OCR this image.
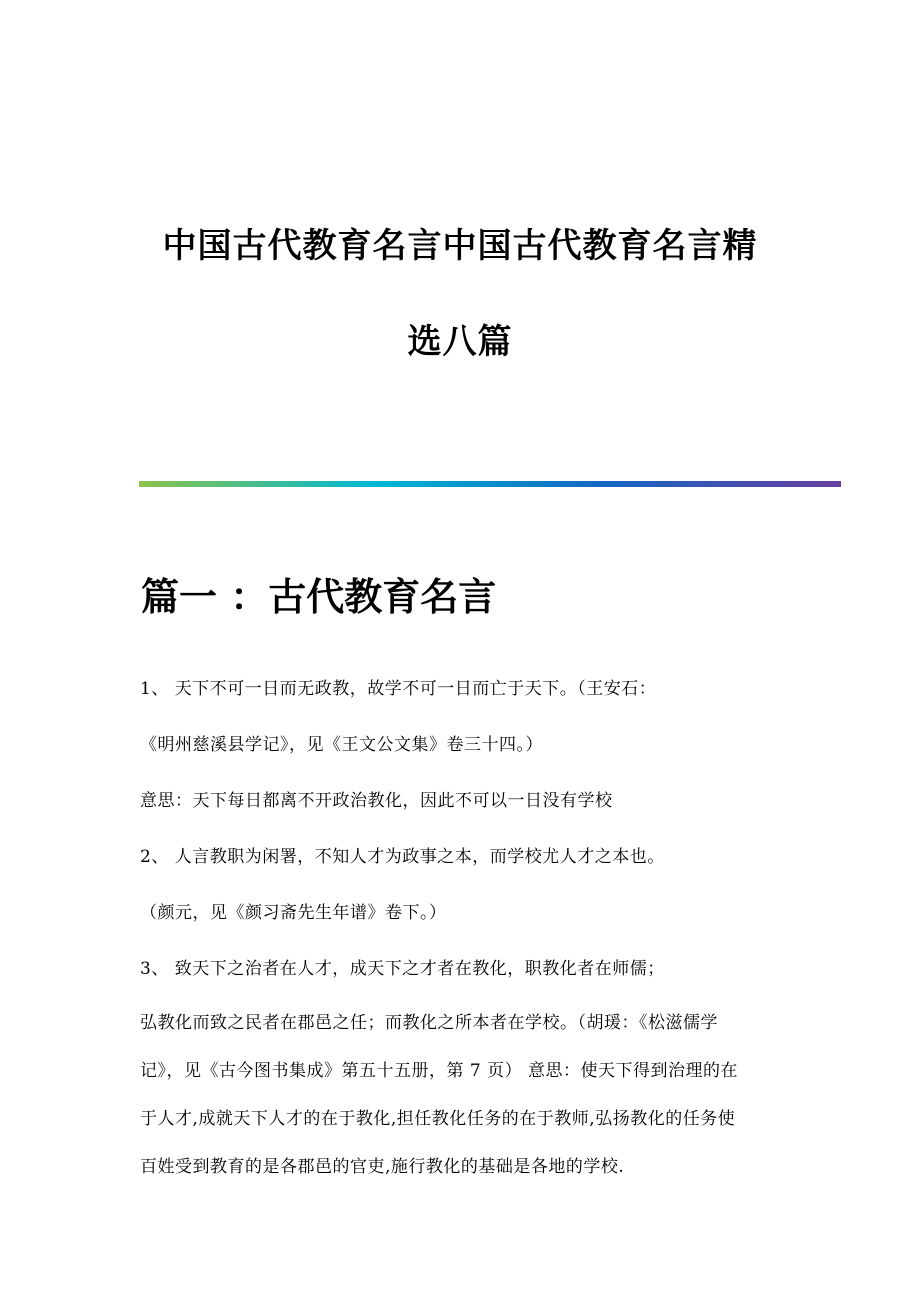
中国古代教育名言中国古代教育名言精
选八篇
篇一 ：古代教育名言
1、 天下不可一日而无政教，故学不可一日而亡于天下。（王安石：
《明州慈溪县学记》，见《王文公文集》卷三十四。）
意思：天下每日都离不开政治教化，因此不可以一日没有学校
2、 人言教职为闲署，不知人才为政事之本，而学校尤人才之本也。
（颜元，见《颜习斋先生年谱》卷下。）
3、 致天下之治者在人才，成天下之才者在教化，职教化者在师儒；
弘教化而致之民者在郡邑之任；而教化之所本者在学校。（胡瑗：《松滋儒学
记》，见《古今图书集成》第五十五册，第 7 页） 意思：使天下得到治理的在
于人才,成就天下人才的在于教化,担任教化任务的在于教师,弘扬教化的任务使
百姓受到教育的是各郡邑的官吏,施行教化的基础是各地的学校.
